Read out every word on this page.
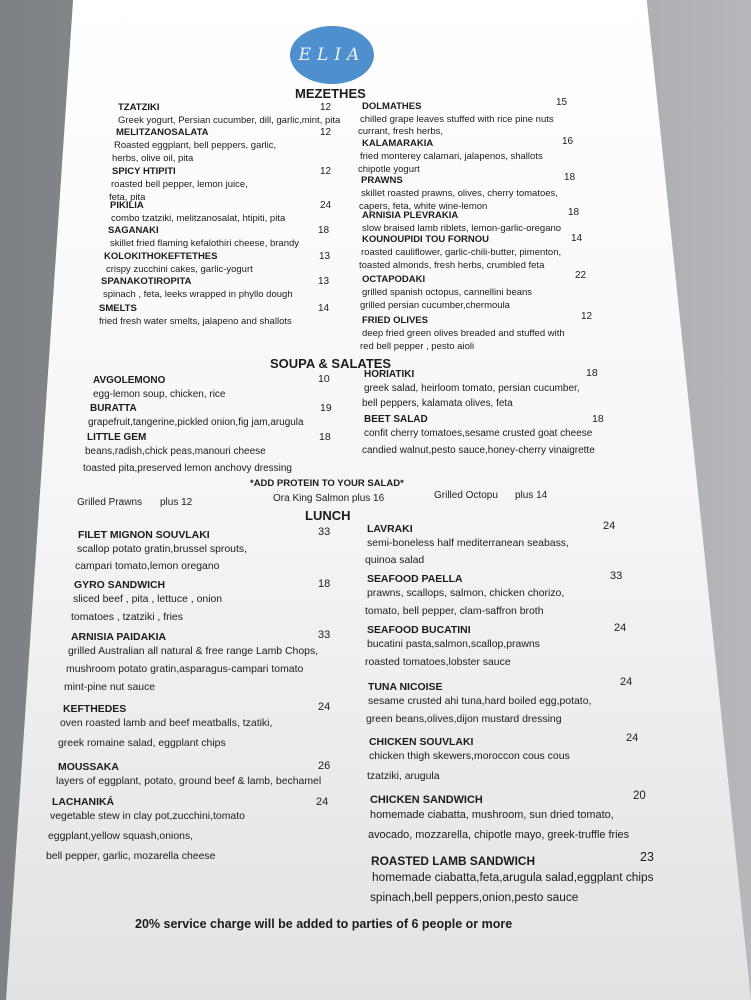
ELIA
MEZETHES
SOUPA & SALATES
*ADD PROTEIN TO YOUR SALAD*
Grilled Prawns plus 12	Ora King Salmon plus 16	Grilled Octopu plus 14
LUNCH
TZATZIKI	12
Greek yogurt, Persian cucumber, dill, garlic,mint, pita
MELITZANOSALATA	12
Roasted eggplant, bell peppers, garlic,
herbs, olive oil, pita
SPICY HTIPITI	12
roasted bell pepper, lemon juice,
feta, pita
PIKILIA	24
combo tzatziki, melitzanosalat, htipiti, pita
SAGANAKI	18
skillet fried flaming kefalothiri cheese, brandy
KOLOKITHOKEFTETHES	13
crispy zucchini cakes, garlic-yogurt
SPANAKOTIROPITA	13
spinach , feta, leeks wrapped in phyllo dough
SMELTS	14
fried fresh water smelts, jalapeno and shallots
DOLMATHES	15
chilled grape leaves stuffed with rice pine nuts
currant, fresh herbs,
KALAMARAKIA	16
fried monterey calamari, jalapenos, shallots
chipotle yogurt
PRAWNS	18
skillet roasted prawns, olives, cherry tomatoes,
capers, feta, white wine-lemon
ARNISIA PLEVRAKIA	18
slow braised lamb riblets, lemon-garlic-oregano
KOUNOUPIDI TOU FORNOU	14
roasted cauliflower, garlic-chili-butter, pimenton,
toasted almonds, fresh herbs, crumbled feta
OCTAPODAKI	22
grilled spanish octopus, cannellini beans
grilled persian cucumber,chermoula
FRIED OLIVES	12
deep fried green olives breaded and stuffed with
red bell pepper , pesto aioli
AVGOLEMONO	10
egg-lemon soup, chicken, rice
BURATTA	19
grapefruit,tangerine,pickled onion,fig jam,arugula
LITTLE GEM	18
beans,radish,chick peas,manouri cheese
toasted pita,preserved lemon anchovy dressing
HORIATIKI	18
greek salad, heirloom tomato, persian cucumber,
bell peppers, kalamata olives, feta
BEET SALAD	18
confit cherry tomatoes,sesame crusted goat cheese
candied walnut,pesto sauce,honey-cherry vinaigrette
FILET MIGNON SOUVLAKI	33
scallop potato gratin,brussel sprouts,
campari tomato,lemon oregano
GYRO SANDWICH	18
sliced beef , pita , lettuce , onion
tomatoes , tzatziki , fries
ARNISIA PAIDAKIA	33
grilled Australian all natural & free range Lamb Chops,
mushroom potato gratin,asparagus-campari tomato
mint-pine nut sauce
KEFTHEDES	24
oven roasted lamb and beef meatballs, tzatiki,
greek romaine salad, eggplant chips
MOUSSAKA	26
layers of eggplant, potato, ground beef & lamb, bechamel
LACHANIKÁ	24
vegetable stew in clay pot,zucchini,tomato
eggplant,yellow squash,onions,
bell pepper, garlic, mozarella cheese
LAVRAKI	24
semi-boneless half mediterranean seabass,
quinoa salad
SEAFOOD PAELLA	33
prawns, scallops, salmon, chicken chorizo,
tomato, bell pepper, clam-saffron broth
SEAFOOD BUCATINI	24
bucatini pasta,salmon,scallop,prawns
roasted tomatoes,lobster sauce
TUNA NICOISE	24
sesame crusted ahi tuna,hard boiled egg,potato,
green beans,olives,dijon mustard dressing
CHICKEN SOUVLAKI	24
chicken thigh skewers,moroccon cous cous
tzatziki, arugula
CHICKEN SANDWICH	20
homemade ciabatta, mushroom, sun dried tomato,
avocado, mozzarella, chipotle mayo, greek-truffle fries
ROASTED LAMB SANDWICH	23
homemade ciabatta,feta,arugula salad,eggplant chips
spinach,bell peppers,onion,pesto sauce
20% service charge will be added to parties of 6 people or more
